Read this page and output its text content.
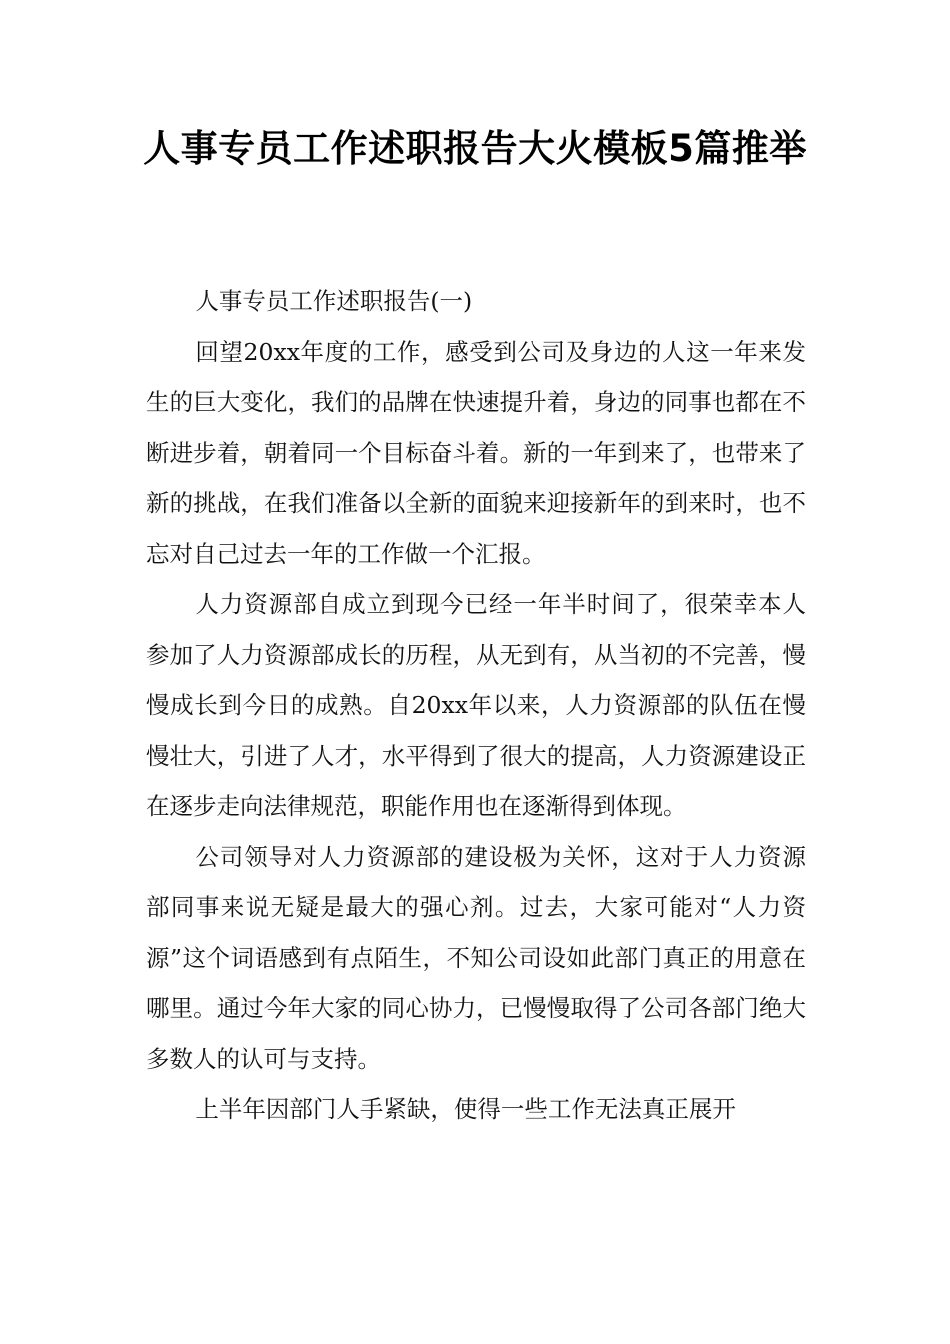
人事专员工作述职报告大火模板5篇推举

人事专员工作述职报告(一)

回望20xx年度的工作，感受到公司及身边的人这一年来发生的巨大变化，我们的品牌在快速提升着，身边的同事也都在不断进步着，朝着同一个目标奋斗着。新的一年到来了，也带来了新的挑战，在我们准备以全新的面貌来迎接新年的到来时，也不忘对自己过去一年的工作做一个汇报。

人力资源部自成立到现今已经一年半时间了，很荣幸本人参加了人力资源部成长的历程，从无到有，从当初的不完善，慢慢成长到今日的成熟。自20xx年以来，人力资源部的队伍在慢慢壮大，引进了人才，水平得到了很大的提高，人力资源建设正在逐步走向法律规范，职能作用也在逐渐得到体现。

公司领导对人力资源部的建设极为关怀，这对于人力资源部同事来说无疑是最大的强心剂。过去，大家可能对“人力资源”这个词语感到有点陌生，不知公司设如此部门真正的用意在哪里。通过今年大家的同心协力，已慢慢取得了公司各部门绝大多数人的认可与支持。

上半年因部门人手紧缺，使得一些工作无法真正展开
